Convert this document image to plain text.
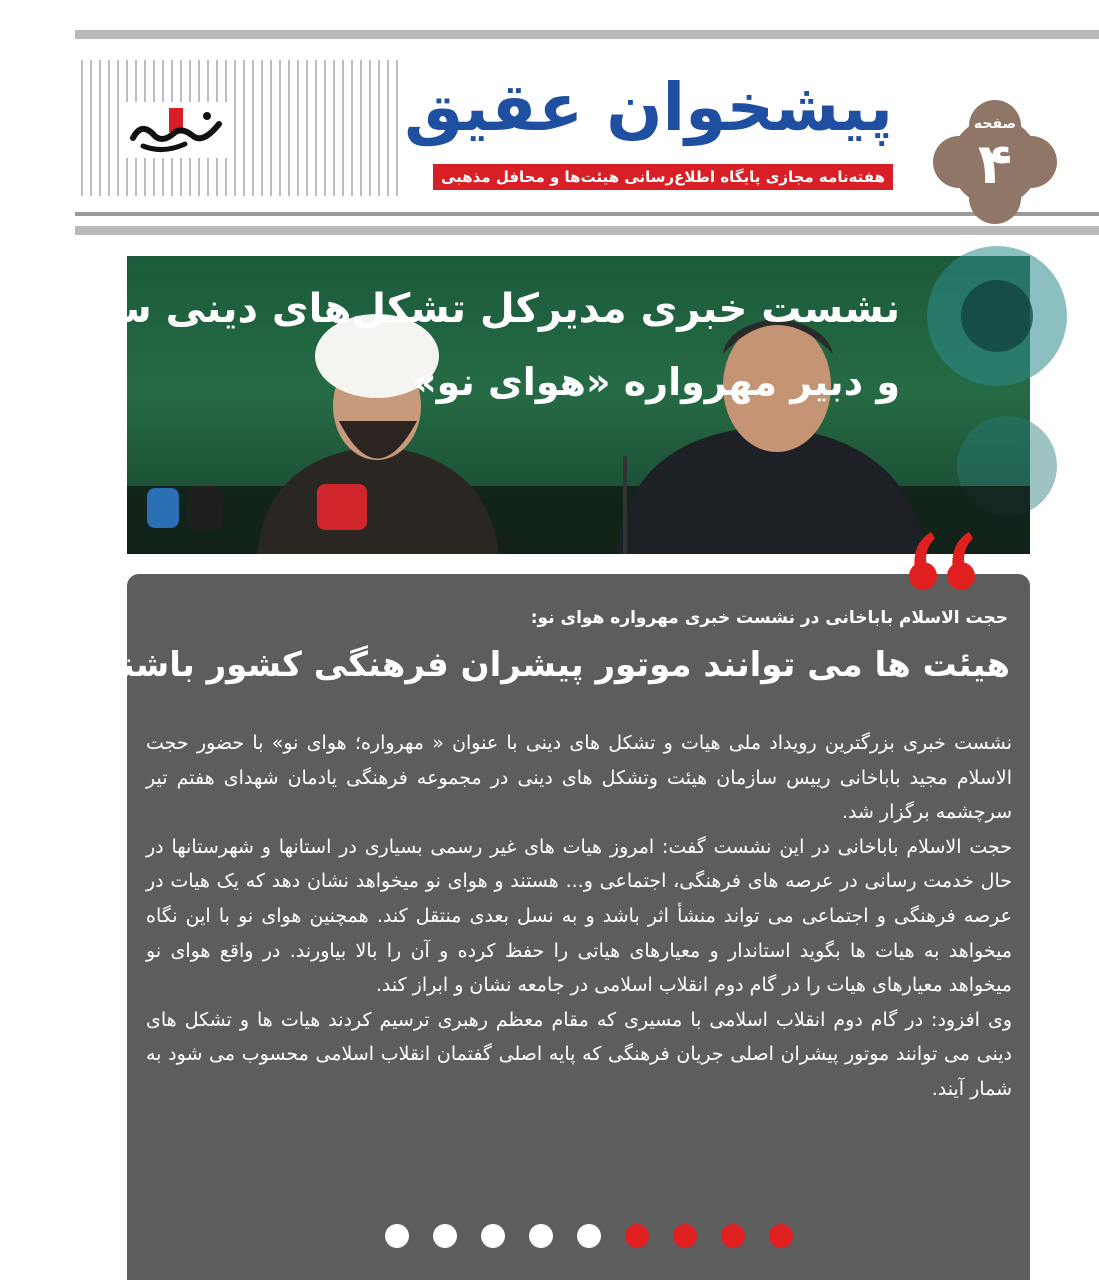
پیشخوان عقیق
هفته‌نامه مجازی پایگاه اطلاع‌رسانی هیئت‌ها و محافل مذهبی
صفحه
۴
نشست خبری مدیرکل تشکل‌های دینی سازمان
و دبیر مهرواره «هوای نو»
حجت الاسلام باباخانی در نشست خبری مهرواره هوای نو:
هیئت ها می توانند موتور پیشران فرهنگی کشور باشند

نشست خبری بزرگترین رویداد ملی هیات و تشکل های دینی با عنوان « مهرواره؛ هوای نو» با حضور حجت الاسلام مجید باباخانی رییس سازمان هیئت وتشکل های دینی در مجموعه فرهنگی یادمان شهدای هفتم تیر سرچشمه برگزار شد.

حجت الاسلام باباخانی در این نشست گفت: امروز هیات های غیر رسمی بسیاری در استانها و شهرستانها در حال خدمت رسانی در عرصه های فرهنگی، اجتماعی و... هستند و هوای نو میخواهد نشان دهد که یک هیات در عرصه فرهنگی و اجتماعی می تواند منشأ اثر باشد و به نسل بعدی منتقل کند. همچنین هوای نو با این نگاه میخواهد به هیات ها بگوید استاندار و معیارهای هیاتی را حفظ کرده و آن را بالا بیاورند. در واقع هوای نو میخواهد معیارهای هیات را در گام دوم انقلاب اسلامی در جامعه نشان و ابراز کند.

وی افزود: در گام دوم انقلاب اسلامی با مسیری که مقام معظم رهبری ترسیم کردند هیات ها و تشکل های دینی می توانند موتور پیشران اصلی جریان فرهنگی که پایه اصلی گفتمان انقلاب اسلامی محسوب می شود به شمار آیند.
